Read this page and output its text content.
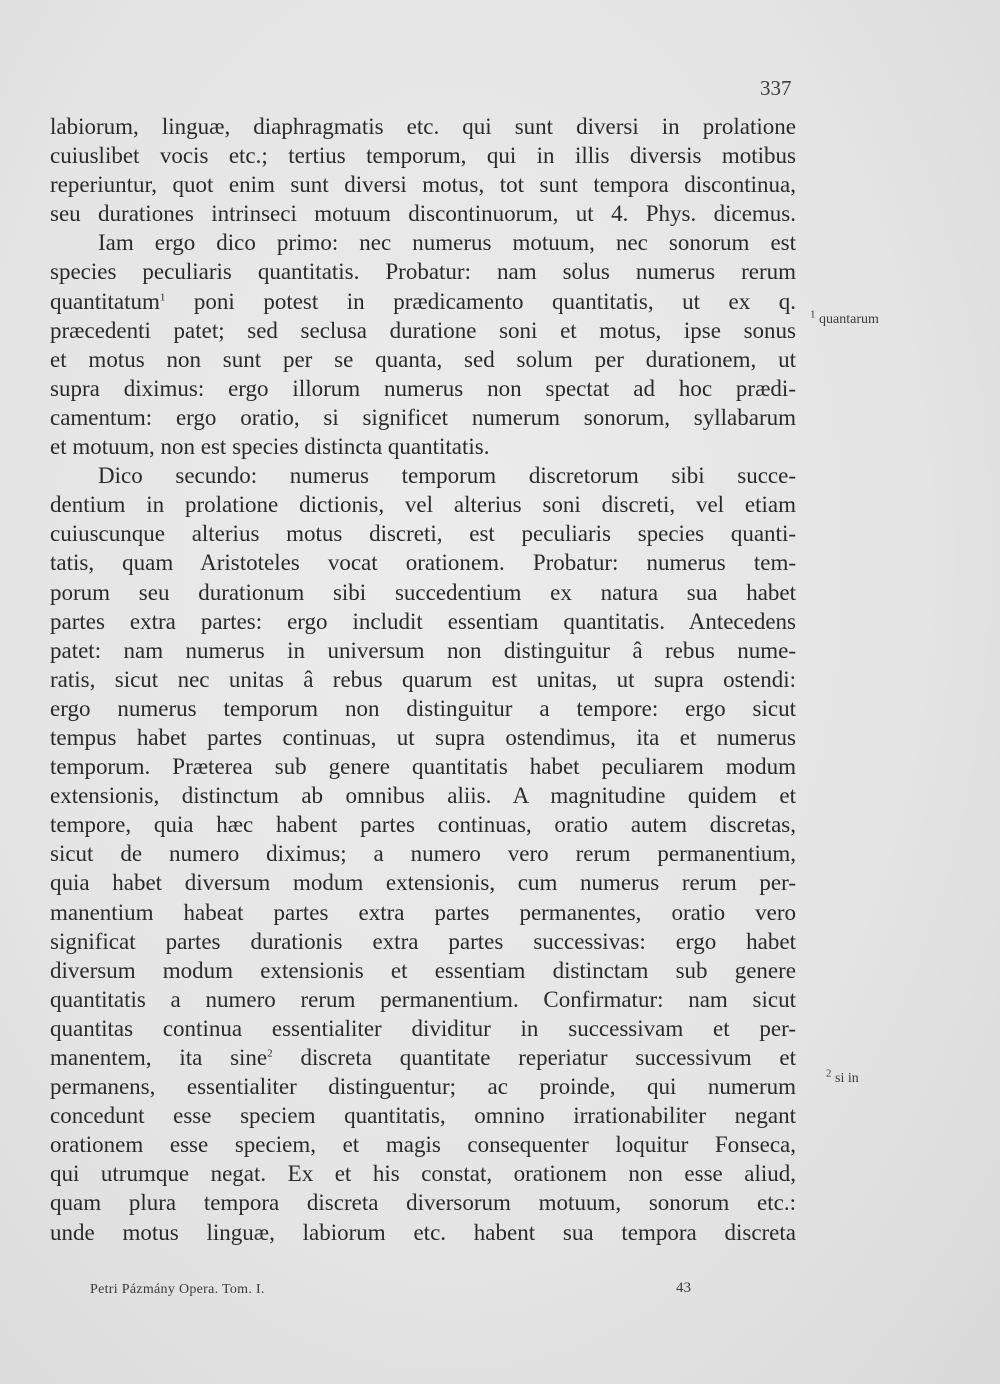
337
labiorum, linguæ, diaphragmatis etc. qui sunt diversi in prolatione
cuiuslibet vocis etc.; tertius temporum, qui in illis diversis motibus
reperiuntur, quot enim sunt diversi motus, tot sunt tempora discontinua,
seu durationes intrinseci motuum discontinuorum, ut 4. Phys. dicemus.
Iam ergo dico primo: nec numerus motuum, nec sonorum est
species peculiaris quantitatis. Probatur: nam solus numerus rerum
quantitatum$^1$ poni potest in prædicamento quantitatis, ut ex q.
præcedenti patet; sed seclusa duratione soni et motus, ipse sonus
et motus non sunt per se quanta, sed solum per durationem, ut
supra diximus: ergo illorum numerus non spectat ad hoc prædi-
camentum: ergo oratio, si significet numerum sonorum, syllabarum
et motuum, non est species distincta quantitatis.
Dico secundo: numerus temporum discretorum sibi succe-
dentium in prolatione dictionis, vel alterius soni discreti, vel etiam
cuiuscunque alterius motus discreti, est peculiaris species quanti-
tatis, quam Aristoteles vocat orationem. Probatur: numerus tem-
porum seu durationum sibi succedentium ex natura sua habet
partes extra partes: ergo includit essentiam quantitatis. Antecedens
patet: nam numerus in universum non distinguitur â rebus nume-
ratis, sicut nec unitas â rebus quarum est unitas, ut supra ostendi:
ergo numerus temporum non distinguitur a tempore: ergo sicut
tempus habet partes continuas, ut supra ostendimus, ita et numerus
temporum. Præterea sub genere quantitatis habet peculiarem modum
extensionis, distinctum ab omnibus aliis. A magnitudine quidem et
tempore, quia hæc habent partes continuas, oratio autem discretas,
sicut de numero diximus; a numero vero rerum permanentium,
quia habet diversum modum extensionis, cum numerus rerum per-
manentium habeat partes extra partes permanentes, oratio vero
significat partes durationis extra partes successivas: ergo habet
diversum modum extensionis et essentiam distinctam sub genere
quantitatis a numero rerum permanentium. Confirmatur: nam sicut
quantitas continua essentialiter dividitur in successivam et per-
manentem, ita sine$^2$ discreta quantitate reperiatur successivum et
permanens, essentialiter distinguentur; ac proinde, qui numerum
concedunt esse speciem quantitatis, omnino irrationabiliter negant
orationem esse speciem, et magis consequenter loquitur Fonseca,
qui utrumque negat. Ex et his constat, orationem non esse aliud,
quam plura tempora discreta diversorum motuum, sonorum etc.:
unde motus linguæ, labiorum etc. habent sua tempora discreta
$^1$ quantarum
$^2$ si in
Petri Pázmány Opera. Tom. I.	43
